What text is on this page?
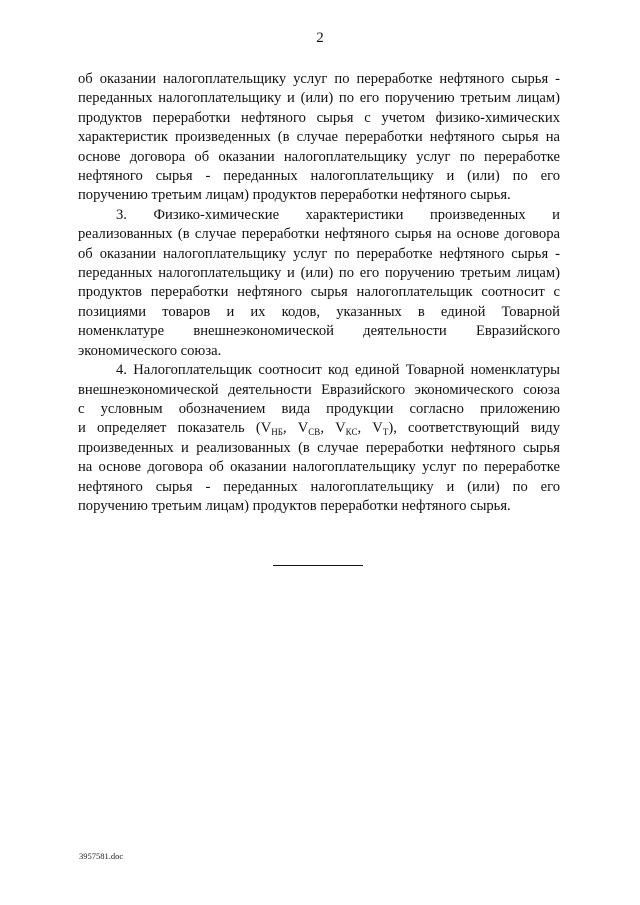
2
об оказании налогоплательщику услуг по переработке нефтяного сырья -
переданных налогоплательщику и (или) по его поручению третьим лицам)
продуктов переработки нефтяного сырья с учетом физико-химических
характеристик произведенных (в случае переработки нефтяного сырья на
основе договора об оказании налогоплательщику услуг по переработке
нефтяного сырья - переданных налогоплательщику и (или) по его
поручению третьим лицам) продуктов переработки нефтяного сырья.
3. Физико-химические характеристики произведенных и
реализованных (в случае переработки нефтяного сырья на основе договора
об оказании налогоплательщику услуг по переработке нефтяного сырья -
переданных налогоплательщику и (или) по его поручению третьим лицам)
продуктов переработки нефтяного сырья налогоплательщик соотносит с
позициями товаров и их кодов, указанных в единой Товарной
номенклатуре внешнеэкономической деятельности Евразийского
экономического союза.
4. Налогоплательщик соотносит код единой Товарной номенклатуры
внешнеэкономической деятельности Евразийского экономического союза
с условным обозначением вида продукции согласно приложению
и определяет показатель ($V_{НБ}$, $V_{СВ}$, $V_{КС}$, $V_Т$), соответствующий виду
произведенных и реализованных (в случае переработки нефтяного сырья
на основе договора об оказании налогоплательщику услуг по переработке
нефтяного сырья - переданных налогоплательщику и (или) по его
поручению третьим лицам) продуктов переработки нефтяного сырья.
3957581.doc
